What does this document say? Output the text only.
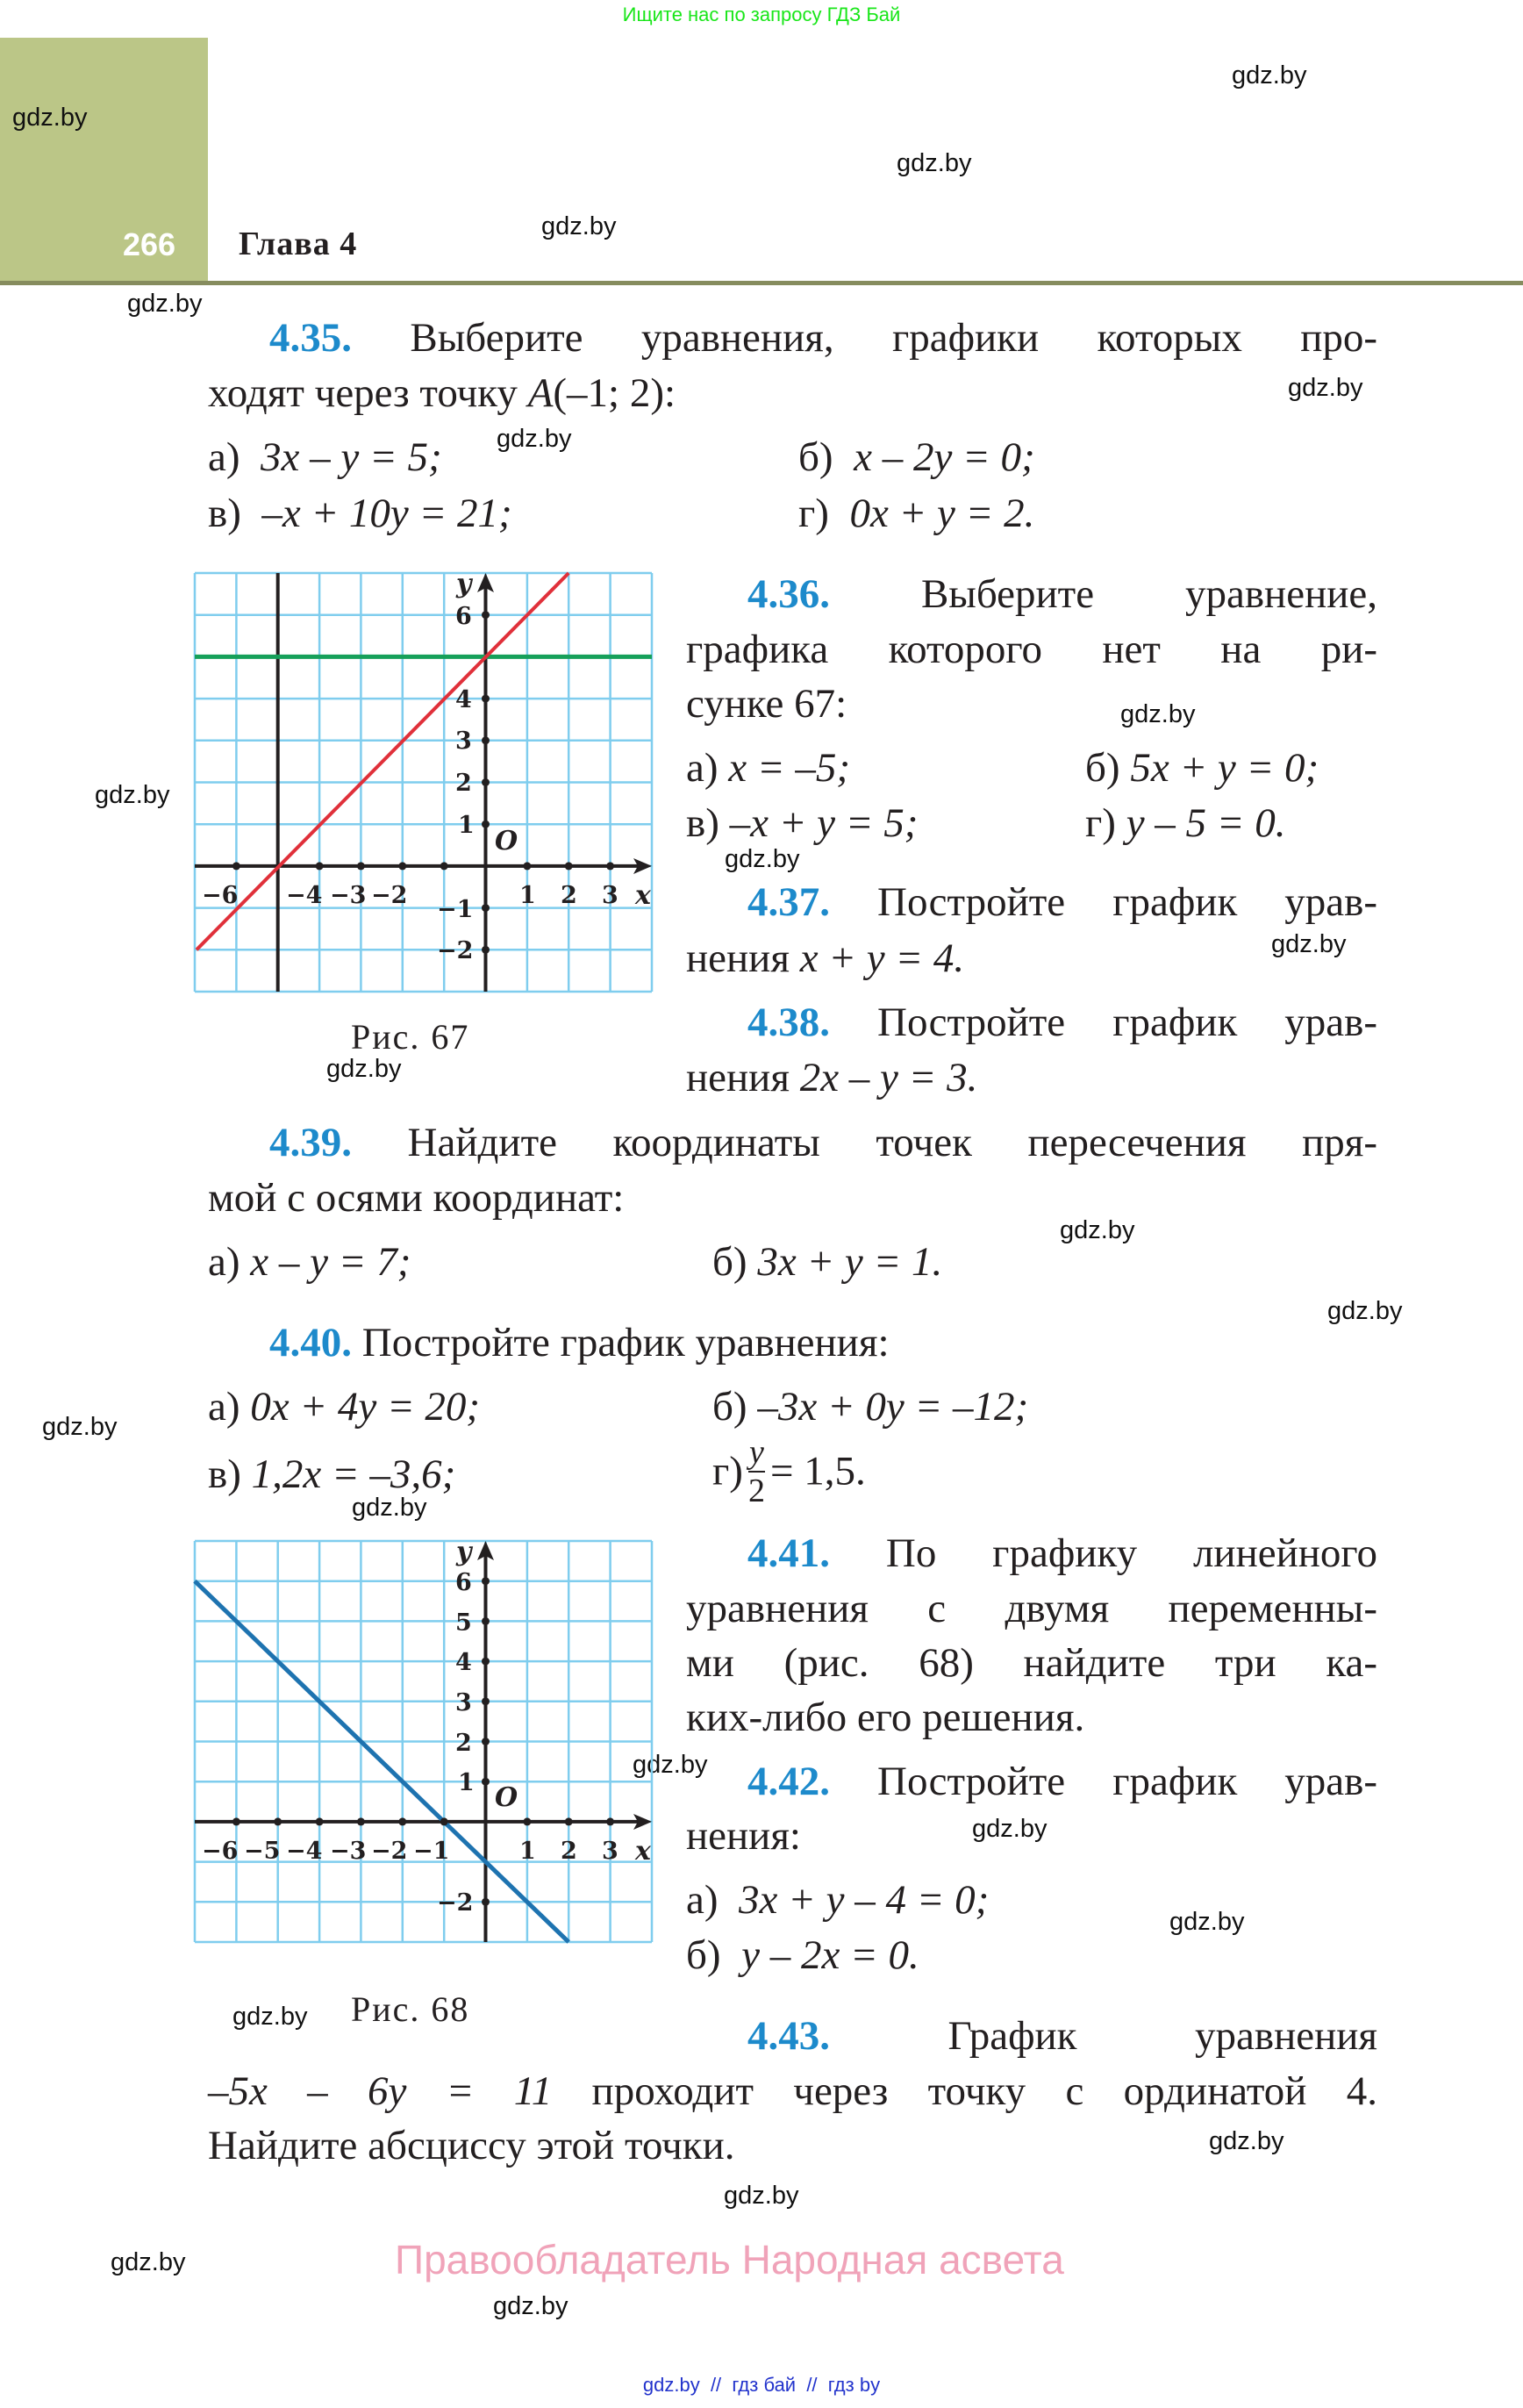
Ищите нас по запросу ГДЗ Бай
266 Глава 4
gdz.by
gdz.by
gdz.by
gdz.by
gdz.by
gdz.by
gdz.by
gdz.by
gdz.by
gdz.by
gdz.by
gdz.by
gdz.by
gdz.by
gdz.by
gdz.by
gdz.by
gdz.by
gdz.by
gdz.by
gdz.by
gdz.by
gdz.by
gdz.by
4.35. Выберите уравнения, графики которых про-
ходят через точку A(–1; 2):
а) 3x – y = 5;	б) x – 2y = 0;
в) –x + 10y = 21;	г) 0x + y = 2.
−6 −4 −3 −2	1 2 3
6
4
3
2
1
−1
−2
y
x
O
Рис. 67
4.36. Выберите уравнение,
графика которого нет на ри-
сунке 67:
а) x = –5;	б) 5x + y = 0;
в) –x + y = 5;	г) y – 5 = 0.
4.37. Постройте график урав-
нения x + y = 4.
4.38. Постройте график урав-
нения 2x – y = 3.
4.39. Найдите координаты точек пересечения пря-
мой с осями координат:
а) x – y = 7;	б) 3x + y = 1.
4.40. Постройте график уравнения:
а) 0x + 4y = 20;	б) –3x + 0y = –12;
в) 1,2x = –3,6;	$г) \frac{y}{2} = 1,5$.
−6 −5 −4 −3 −2 −1	1 2 3
6
5
4
3
2
1
−2
y
x
O
Рис. 68
4.41. По графику линейного
уравнения с двумя переменны-
ми (рис. 68) найдите три ка-
ких-либо его решения.
4.42. Постройте график урав-
нения:
а) 3x + y – 4 = 0;
б) y – 2x = 0.
4.43.	График	уравнения
–5x – 6y = 11 проходит через точку с ординатой 4.
Найдите абсциссу этой точки.
Правообладатель Народная асвета
gdz.by  //  гдз бай  //  гдз by
